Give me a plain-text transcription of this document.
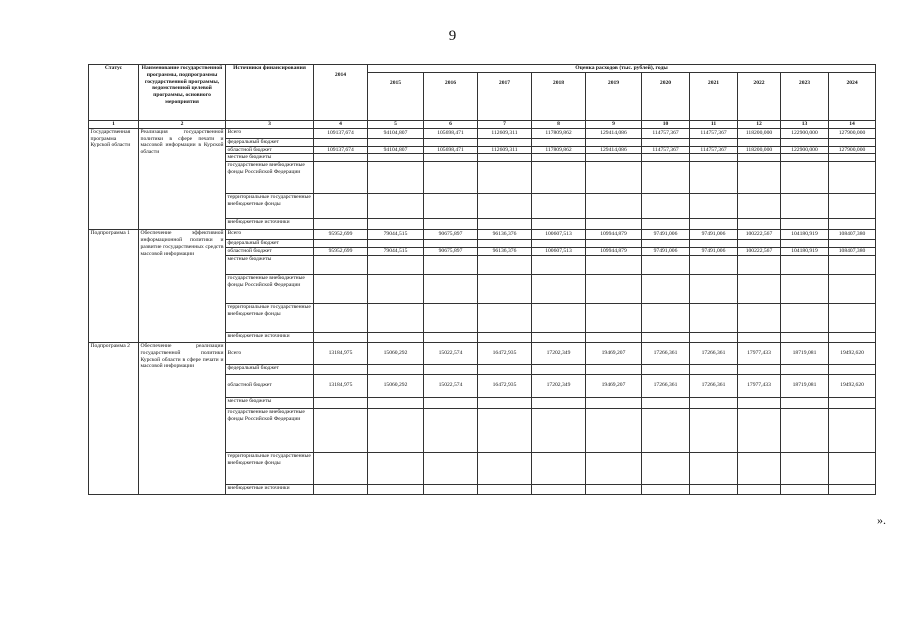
9
Статус	Наименование государственной программы, подпрограммы государственной программы, ведомственной целевой программы, основного мероприятия	Источники финансирования	2014	Оценка расходов (тыс. рублей), годы									
				2015	2016	2017	2018	2019	2020	2021	2022	2023	2024
1	2	3	4	5	6	7	8	9	10	11	12	13	14
Государственная программа Курской области	Реализация государственной политики в сфере печати и массовой информации в Курской области	Всего	109137,674	94104,807	105698,471	112609,311	117809,862	129414,086	114757,367	114757,367	118200,000	122900,000	127900,000
		федеральный бюджет											
		областной бюджет	109137,674	94104,807	105698,471	112609,311	117809,862	129414,086	114757,367	114757,367	118200,000	122900,000	127900,000
		местные бюджеты											
		государственные внебюджетные фонды Российской Федерации											
		территориальные государственные внебюджетные фонды											
		внебюджетные источники											
Подпрограмма 1	Обеспечение эффективной информационной политики и развитие государственных средств массовой информации	Всего	95952,699	79044,515	90675,897	96136,376	100607,513	109944,879	97491,006	97491,006	100222,567	104180,919	108407,380
		федеральный бюджет											
		областной бюджет	95952,699	79044,515	90675,897	96136,376	100607,513	109944,879	97491,006	97491,006	100222,567	104180,919	108407,380
		местные бюджеты											
		государственные внебюджетные фонды Российской Федерации											
		территориальные государственные внебюджетные фонды											
		внебюджетные источники											
Подпрограмма 2	Обеспечение реализации государственной политики Курской области в сфере печати и массовой информации	Всего	13184,975	15060,292	15022,574	16472,935	17202,349	19469,207	17266,361	17266,361	17977,433	18719,081	19492,620
		федеральный бюджет											
		областной бюджет	13184,975	15060,292	15022,574	16472,935	17202,349	19469,207	17266,361	17266,361	17977,433	18719,081	19492,620
		местные бюджеты											
		государственные внебюджетные фонды Российской Федерации											
		территориальные государственные внебюджетные фонды											
		внебюджетные источники											
».
